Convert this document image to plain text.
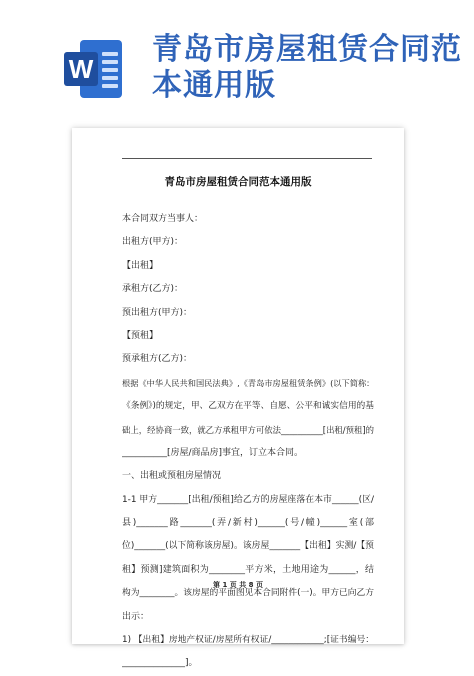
W
青岛市房屋租赁合同范
本通用版
青岛市房屋租赁合同范本通用版
本合同双方当事人：
出租方(甲方)：
【出租】
承租方(乙方)：
预出租方(甲方)：
【预租】
预承租方(乙方)：
根据《中华人民共和国民法典》,《青岛市房屋租赁条例》(以下简称：
《条例》)的规定，甲、乙双方在平等、自愿、公平和诚实信用的基
础上，经协商一致，就乙方承租甲方可依法__________[出租/预租]的
__________[房屋/商品房]事宜，订立本合同。
一、出租或预租房屋情况
1-1 甲方_______[出租/预租]给乙方的房屋座落在本市______(区/
县)_______路_______(弄/新村)______(号/幢)______室(部
位)_______(以下简称该房屋)。该房屋_______【出租】实测/【预
租】预测]建筑面积为________平方米，土地用途为______，结
构为________。该房屋的平面图见本合同附件(一)。甲方已向乙方
出示：
1) 【出租】房地产权证/房屋所有权证/____________;[证书编号：
______________]。
第 1 页 共 8 页
